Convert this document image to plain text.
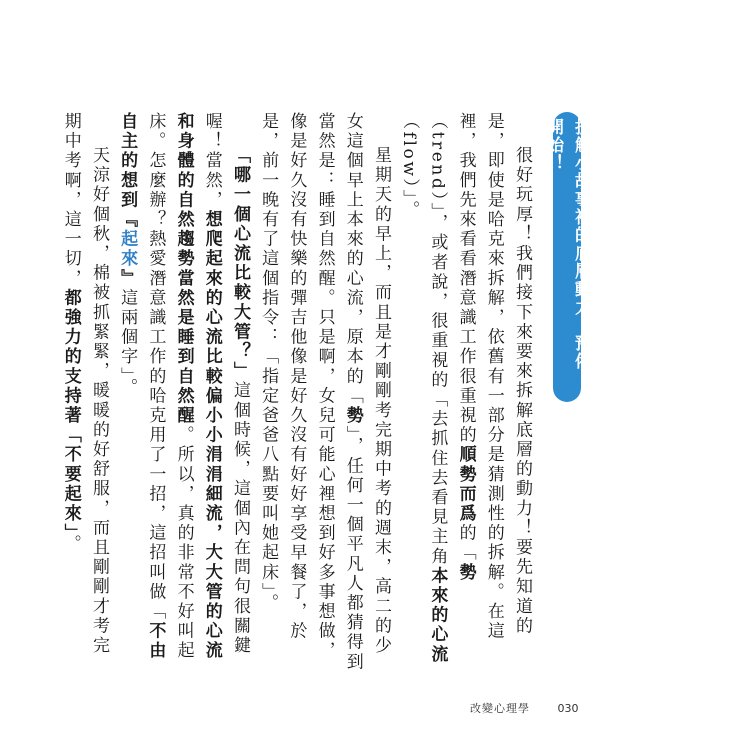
拆解小故事裡的底層動力～預備，開始！

很好玩厚！我們接下來要來拆解底層的動力！要先知道的是，即使是哈克來拆解，依舊有一部分是猜測性的拆解。在這裡，我們先來看看潛意識工作很重視的順勢而爲的「勢（trend）」，或者說，很重視的「去抓住去看見主角本來的心流（flow）」。

星期天的早上，而且是才剛剛考完期中考的週末，高二的少女這個早上本來的心流，原本的「勢」，任何一個平凡人都猜得到當然是：睡到自然醒。只是啊，女兒可能心裡想到好多事想做，像是好久沒有快樂的彈吉他像是好久沒有好好享受早餐了，於是，前一晚有了這個指令：「指定爸爸八點要叫她起床」。

「哪一個心流比較大管？」這個時候，這個內在問句很關鍵喔！當然，想爬起來的心流比較偏小小涓涓細流，大大管的心流和身體的自然趨勢當然是睡到自然醒。所以，真的非常不好叫起床。怎麼辦？熱愛潛意識工作的哈克用了一招，這招叫做「不由自主的想到『起來』這兩個字」。

天涼好個秋，棉被抓緊緊，暖暖的好舒服，而且剛剛才考完期中考啊，這一切，都強力的支持著「不要起來」。

改變心理學	030
